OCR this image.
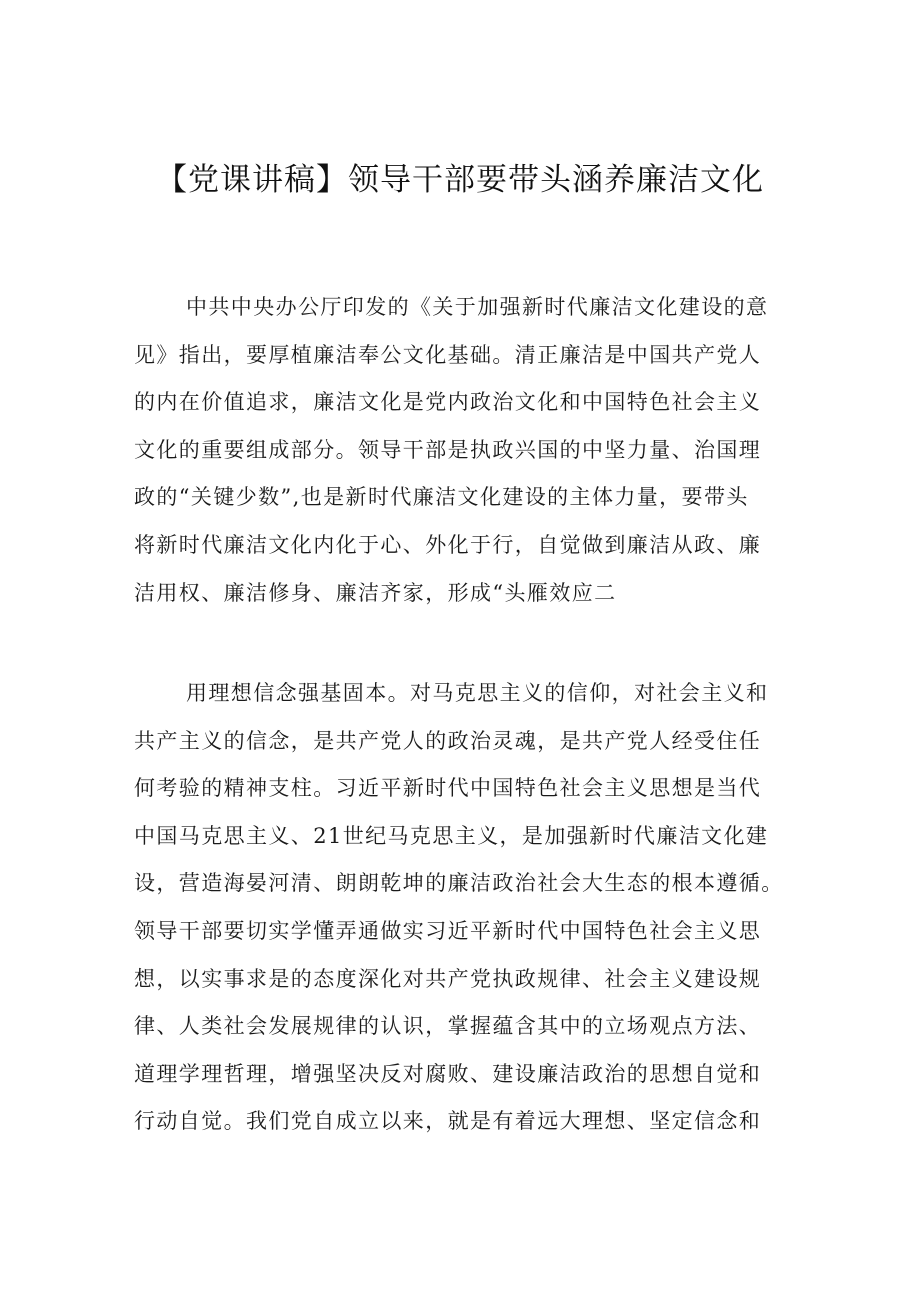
【党课讲稿】领导干部要带头涵养廉洁文化
中共中央办公厅印发的《关于加强新时代廉洁文化建设的意
见》指出，要厚植廉洁奉公文化基础。清正廉洁是中国共产党人
的内在价值追求，廉洁文化是党内政治文化和中国特色社会主义
文化的重要组成部分。领导干部是执政兴国的中坚力量、治国理
政的“关键少数”,也是新时代廉洁文化建设的主体力量，要带头
将新时代廉洁文化内化于心、外化于行，自觉做到廉洁从政、廉
洁用权、廉洁修身、廉洁齐家，形成“头雁效应二
用理想信念强基固本。对马克思主义的信仰，对社会主义和
共产主义的信念，是共产党人的政治灵魂，是共产党人经受住任
何考验的精神支柱。习近平新时代中国特色社会主义思想是当代
中国马克思主义、21世纪马克思主义，是加强新时代廉洁文化建
设，营造海晏河清、朗朗乾坤的廉洁政治社会大生态的根本遵循。
领导干部要切实学懂弄通做实习近平新时代中国特色社会主义思
想，以实事求是的态度深化对共产党执政规律、社会主义建设规
律、人类社会发展规律的认识，掌握蕴含其中的立场观点方法、
道理学理哲理，增强坚决反对腐败、建设廉洁政治的思想自觉和
行动自觉。我们党自成立以来，就是有着远大理想、坚定信念和
